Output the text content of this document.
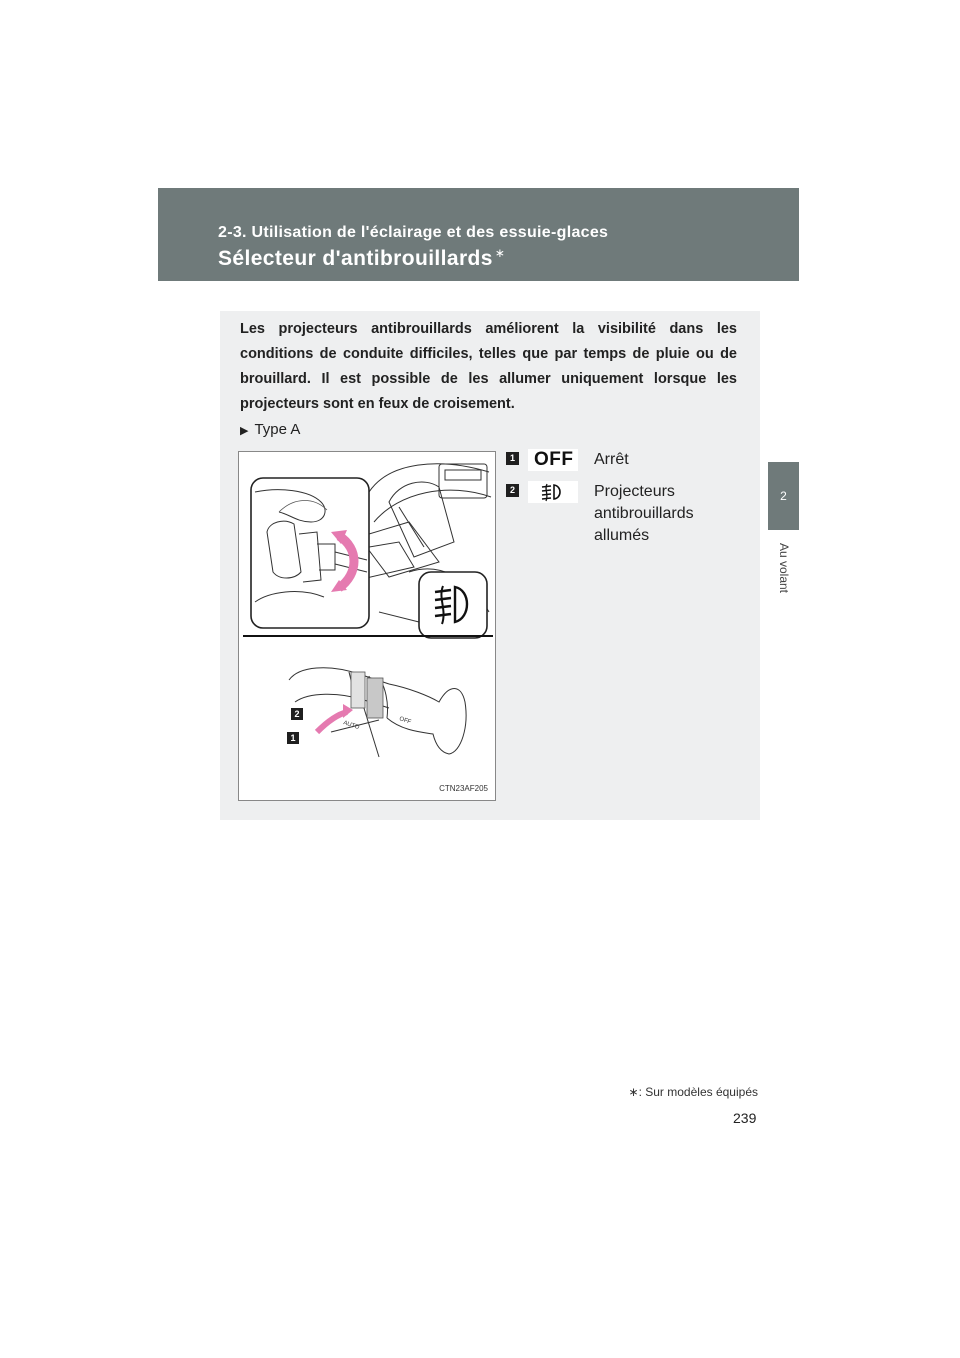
2-3. Utilisation de l'éclairage et des essuie-glaces
Sélecteur d'antibrouillards ∗
2
Au volant
Les projecteurs antibrouillards améliorent la visibilité dans les conditions de conduite difficiles, telles que par temps de pluie ou de brouillard. Il est possible de les allumer uniquement lorsque les projecteurs sont en feux de croisement.
▶ Type A
AUTO	OFF
2
1
CTN23AF205
1 OFF Arrêt
2	Projecteurs
antibrouillards
allumés
∗: Sur modèles équipés
239
